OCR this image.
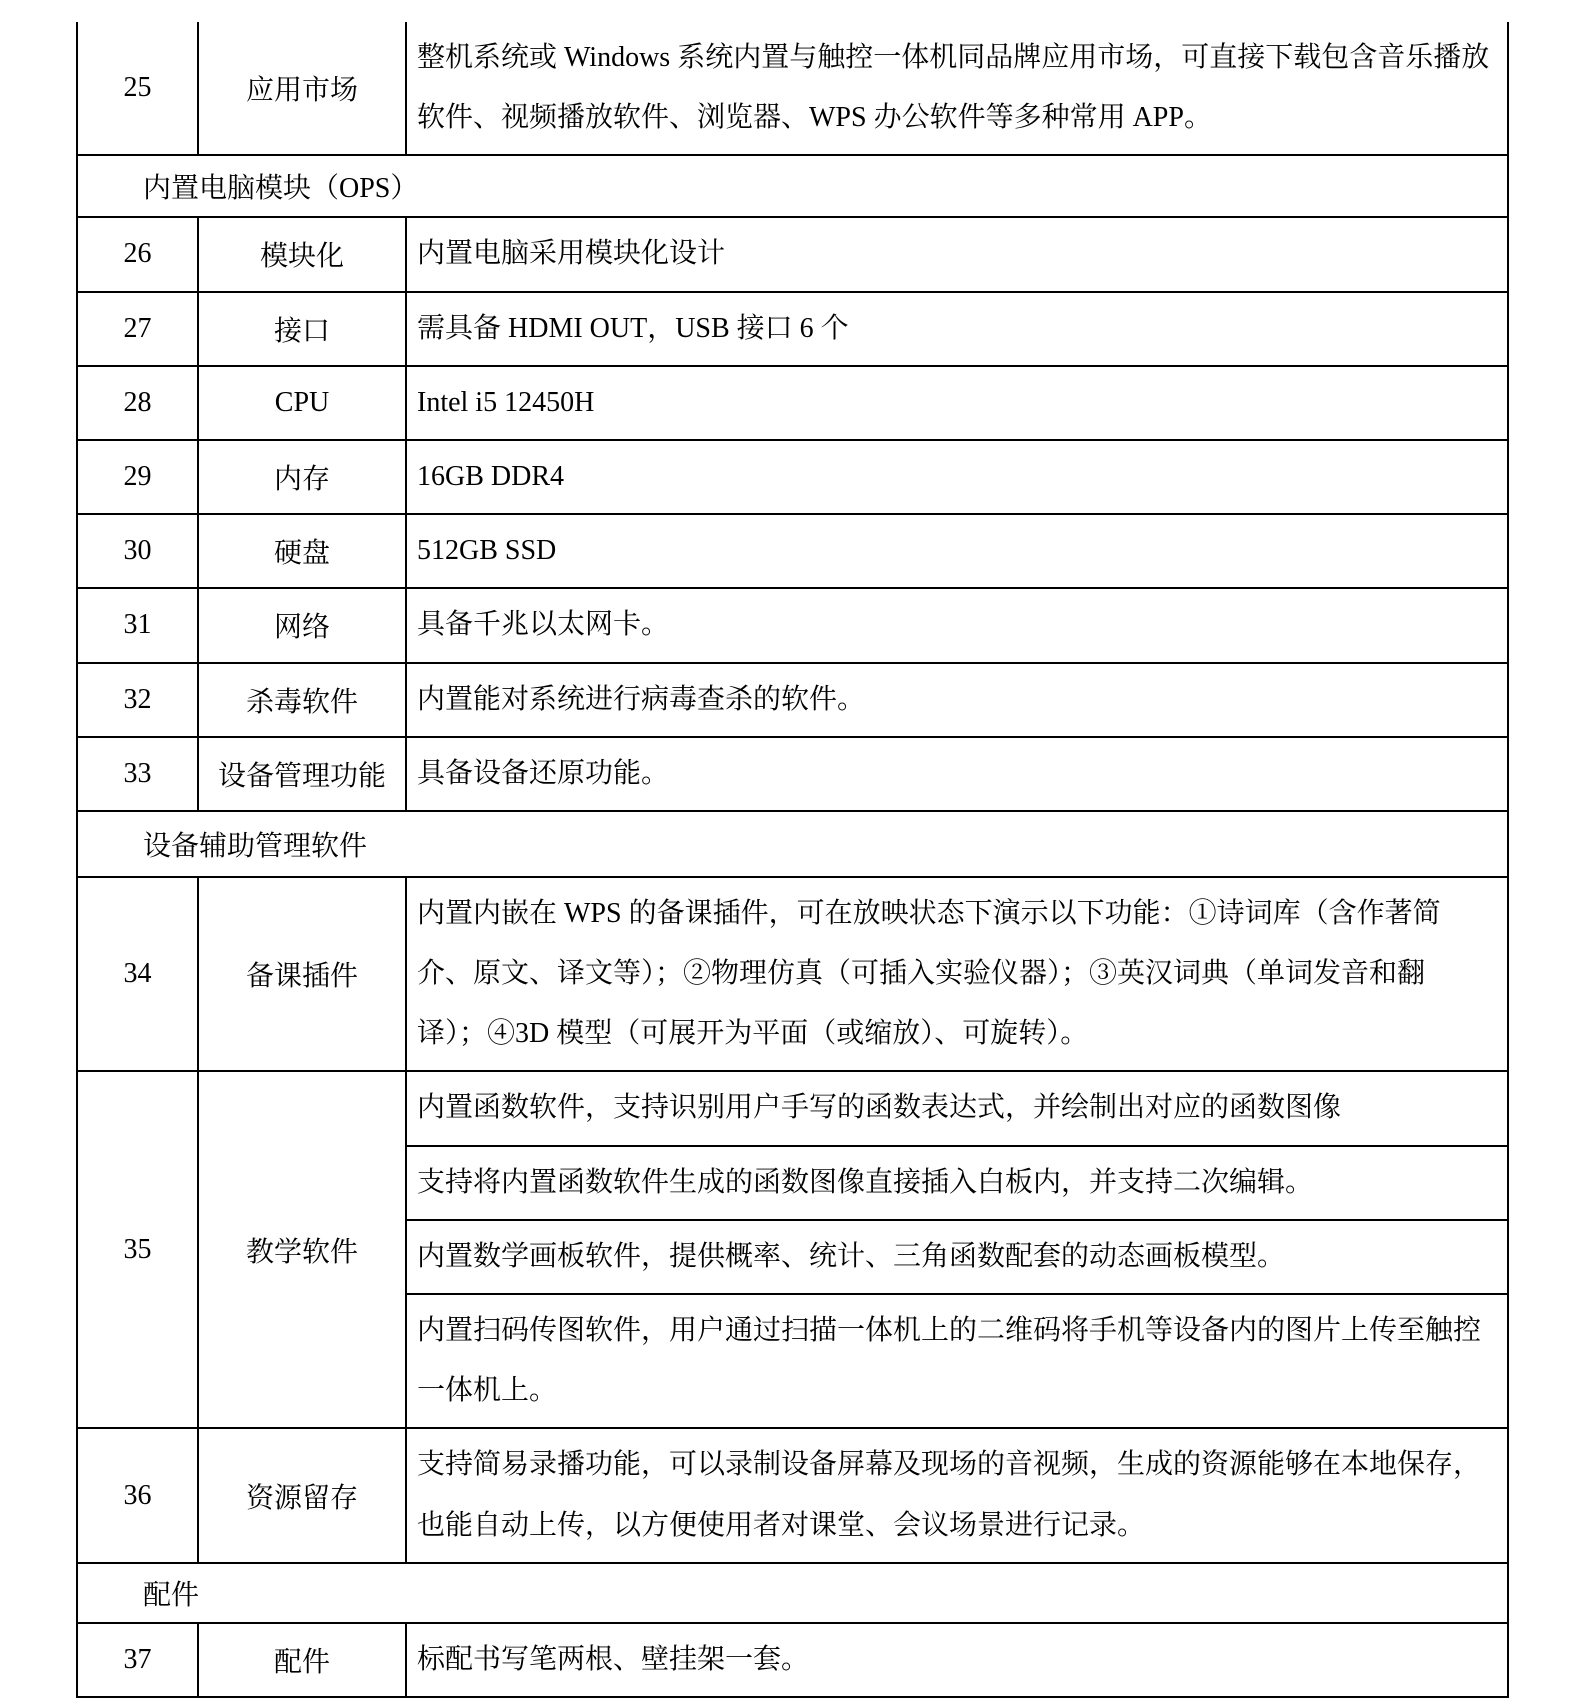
25	应用市场	整机系统或 Windows 系统内置与触控一体机同品牌应用市场，可直接下载包含音乐播放软件、视频播放软件、浏览器、WPS 办公软件等多种常用 APP。
内置电脑模块（OPS）		
26	模块化	内置电脑采用模块化设计
27	接口	需具备 HDMI OUT，USB 接口 6 个
28	CPU	Intel i5 12450H
29	内存	16GB DDR4
30	硬盘	512GB SSD
31	网络	具备千兆以太网卡。
32	杀毒软件	内置能对系统进行病毒查杀的软件。
33	设备管理功能	具备设备还原功能。
设备辅助管理软件		
34	备课插件	内置内嵌在 WPS 的备课插件，可在放映状态下演示以下功能：①诗词库（含作著简介、原文、译文等）；②物理仿真（可插入实验仪器）；③英汉词典（单词发音和翻译）；④3D 模型（可展开为平面（或缩放）、可旋转）。
35	教学软件	内置函数软件，支持识别用户手写的函数表达式，并绘制出对应的函数图像
		支持将内置函数软件生成的函数图像直接插入白板内，并支持二次编辑。
		内置数学画板软件，提供概率、统计、三角函数配套的动态画板模型。
		内置扫码传图软件，用户通过扫描一体机上的二维码将手机等设备内的图片上传至触控一体机上。
36	资源留存	支持简易录播功能，可以录制设备屏幕及现场的音视频，生成的资源能够在本地保存，也能自动上传，以方便使用者对课堂、会议场景进行记录。
配件		
37	配件	标配书写笔两根、壁挂架一套。
